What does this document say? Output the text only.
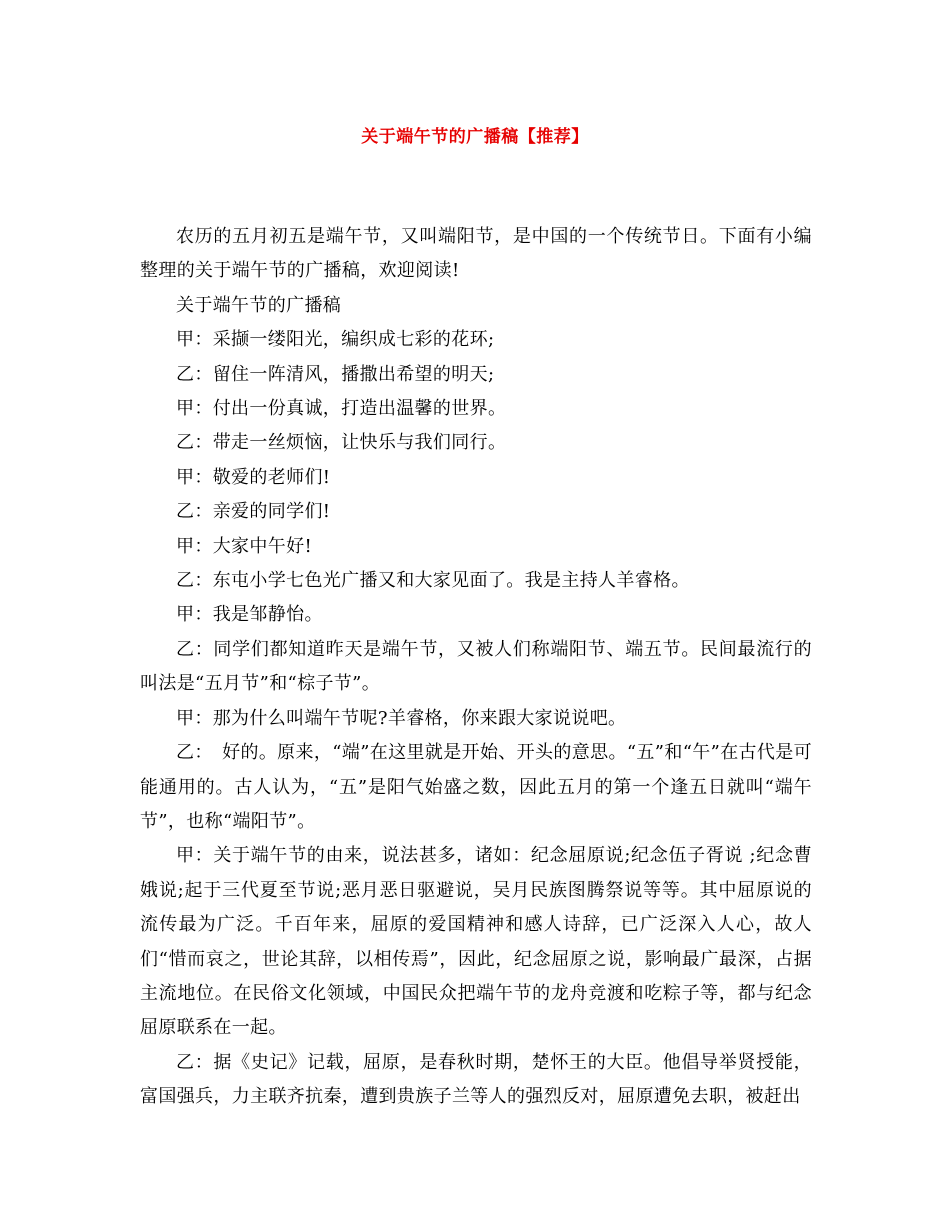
关于端午节的广播稿【推荐】

农历的五月初五是端午节，又叫端阳节，是中国的一个传统节日。下面有小编整理的关于端午节的广播稿，欢迎阅读!

关于端午节的广播稿

甲：采撷一缕阳光，编织成七彩的花环;

乙：留住一阵清风，播撒出希望的明天;

甲：付出一份真诚，打造出温馨的世界。

乙：带走一丝烦恼，让快乐与我们同行。

甲：敬爱的老师们!

乙：亲爱的同学们!

甲：大家中午好!

乙：东屯小学七色光广播又和大家见面了。我是主持人羊睿格。

甲：我是邹静怡。

乙：同学们都知道昨天是端午节，又被人们称端阳节、端五节。民间最流行的叫法是“五月节”和“棕子节”。

甲：那为什么叫端午节呢?羊睿格，你来跟大家说说吧。

乙：　好的。原来，“端”在这里就是开始、开头的意思。“五”和“午”在古代是可能通用的。古人认为，“五”是阳气始盛之数，因此五月的第一个逢五日就叫“端午节”，也称“端阳节”。

甲：关于端午节的由来，说法甚多，诸如：纪念屈原说;纪念伍子胥说 ;纪念曹娥说;起于三代夏至节说;恶月恶日驱避说，吴月民族图腾祭说等等。其中屈原说的流传最为广泛。千百年来，屈原的爱国精神和感人诗辞，已广泛深入人心，故人们“惜而哀之，世论其辞，以相传焉”，因此，纪念屈原之说，影响最广最深，占据主流地位。在民俗文化领域，中国民众把端午节的龙舟竞渡和吃粽子等，都与纪念屈原联系在一起。

乙：据《史记》记载，屈原，是春秋时期，楚怀王的大臣。他倡导举贤授能，富国强兵，力主联齐抗秦，遭到贵族子兰等人的强烈反对，屈原遭免去职，被赶出
